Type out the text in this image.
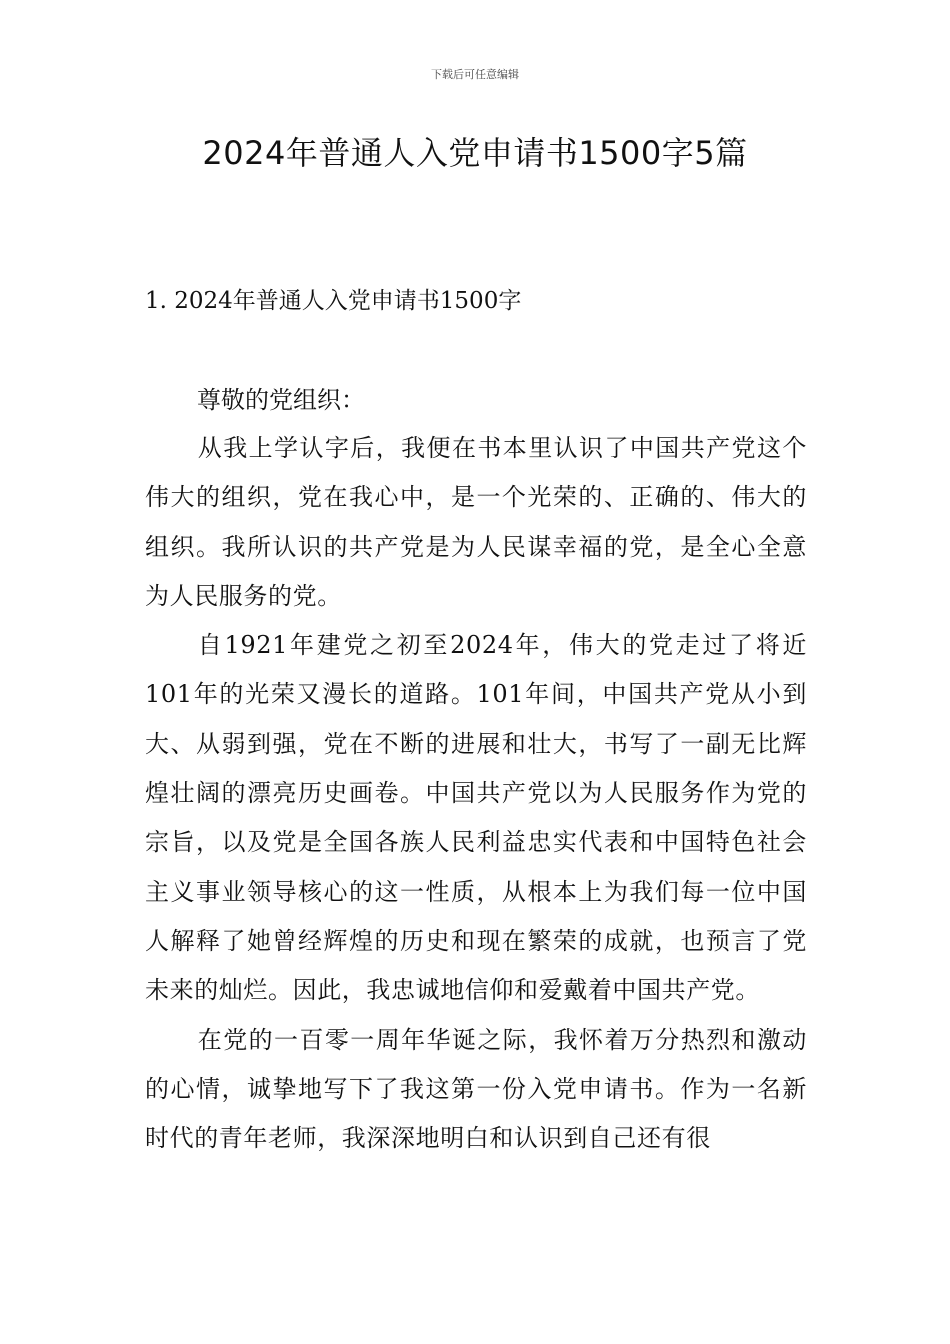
下载后可任意编辑
2024年普通人入党申请书1500字5篇
1. 2024年普通人入党申请书1500字

尊敬的党组织：

从我上学认字后，我便在书本里认识了中国共产党这个伟大的组织，党在我心中，是一个光荣的、正确的、伟大的组织。我所认识的共产党是为人民谋幸福的党，是全心全意为人民服务的党。

自1921年建党之初至2024年，伟大的党走过了将近101年的光荣又漫长的道路。101年间，中国共产党从小到大、从弱到强，党在不断的进展和壮大，书写了一副无比辉煌壮阔的漂亮历史画卷。中国共产党以为人民服务作为党的宗旨，以及党是全国各族人民利益忠实代表和中国特色社会主义事业领导核心的这一性质，从根本上为我们每一位中国人解释了她曾经辉煌的历史和现在繁荣的成就，也预言了党未来的灿烂。因此，我忠诚地信仰和爱戴着中国共产党。

在党的一百零一周年华诞之际，我怀着万分热烈和激动的心情，诚挚地写下了我这第一份入党申请书。作为一名新时代的青年老师，我深深地明白和认识到自己还有很
